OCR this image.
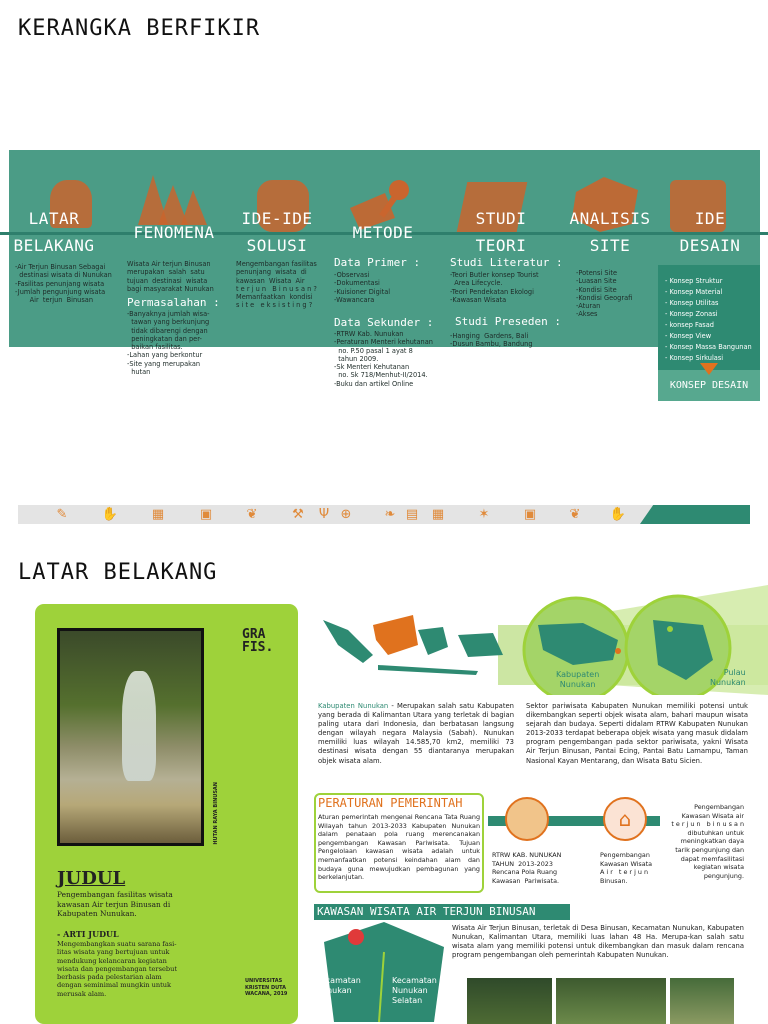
KERANGKA BERFIKIR
LATAR
BELAKANG
FENOMENA
IDE-IDE
SOLUSI
METODE
STUDI
TEORI
ANALISIS
SITE
IDE
DESAIN
-Air Terjun Binusan Sebagai
destinasi wisata di Nunukan
-Fasilitas penunjang wisata
-Jumlah pengunjung wisata
Air  terjun  Binusan
Wisata Air terjun Binusan
merupakan  salah  satu
tujuan  destinasi  wisata
bagi masyarakat Nunukan
Permasalahan :
-Banyaknya jumlah wisa-
tawan yang berkunjung
tidak dibarengi dengan
peningkatan dan per-
baikan fasilitas.
-Lahan yang berkontur
-Site yang merupakan
hutan
Mengembangan fasilitas
penunjang  wisata  di
kawasan  Wisata  Air
t e r j u n   B i n u s a n ?
Memanfaatkan  kondisi
s i t e   e k s i s t i n g ?
Data Primer :
-Observasi
-Dokumentasi
-Kuisioner Digital
-Wawancara
Data Sekunder :
-RTRW Kab. Nunukan
-Peraturan Menteri kehutanan
no. P.50 pasal 1 ayat 8
tahun 2009.
-Sk Menteri Kehutanan
no. Sk 718/Menhut-II/2014.
-Buku dan artikel Online
Studi Literatur :
-Teori Butler konsep Tourist
Area Lifecycle.
-Teori Pendekatan Ekologi
-Kawasan Wisata
Studi Preseden :
-Hanging  Gardens, Bali
-Dusun Bambu, Bandung
-Potensi Site
-Luasan Site
-Kondisi Site
-Kondisi Geografi
-Aturan
-Akses
- Konsep Struktur
- Konsep Material
- Konsep Utilitas
- Konsep Zonasi
- konsep Fasad
- Konsep View
- Konsep Massa Bangunan
- Konsep Sirkulasi
KONSEP DESAIN
✎	✋	▦	▣	❦	⚒	Ψ ⊕	❧ ▤	▦	✶	▣	❦	✋
LATAR BELAKANG
GRA
FIS.
HUTAN RAYA BINUSAN
JUDUL
Pengembangan fasilitas wisata kawasan Air terjun Binusan di Kabupaten Nunukan.
- ARTI JUDUL
Mengembangkan suatu sarana fasi-litas wisata yang bertujuan untuk mendukung kelancaran kegiatan wisata dan pengembangan tersebut berbasis pada pelestarian alam dengan seminimal mungkin untuk merusak alam.
UNIVERSITAS
KRISTEN DUTA
WACANA, 2019
Kabupaten
Nunukan
Pulau
Nunukan
Kabupaten Nunukan - Merupakan salah satu Kabupaten yang berada di Kalimantan Utara yang terletak di bagian paling utara dari Indonesia, dan berbatasan langsung dengan wilayah negara Malaysia (Sabah). Nunukan memiliki luas wilayah 14.585,70 km2, memiliki 73 destinasi wisata dengan 55 diantaranya merupakan objek wisata alam.
Sektor pariwisata Kabupaten Nunukan memiliki potensi untuk dikembangkan seperti objek wisata alam, bahari maupun wisata sejarah dan budaya. Seperti didalam RTRW Kabupaten Nunukan 2013-2033 terdapat beberapa objek wisata yang masuk didalam program pengembangan pada sektor pariwisata, yakni Wisata Air Terjun Binusan, Pantai Ecing, Pantai Batu Lamampu, Taman Nasional Kayan Mentarang, dan Wisata Batu Sicien.
PERATURAN PEMERINTAH
Aturan pemerintah mengenai Rencana Tata Ruang Wilayah tahun 2013-2033 Kabupaten Nunukan dalam penataan pola ruang merencanakan pengembangan Kawasan Pariwisata. Tujuan Pengelolaan kawasan wisata adalah untuk memanfaatkan potensi keindahan alam dan budaya guna mewujudkan pembagunan yang berkelanjutan.
⌂
RTRW KAB. NUNUKAN
TAHUN  2013-2023
Rencana Pola Ruang
Kawasan  Pariwisata.
Pengembangan
Kawasan Wisata
A i r   t e r j u n
Binusan.
Pengembangan
Kawasan Wisata air
t e r j u n   b i n u s a n
dibutuhkan untuk
meningkatkan daya
tarik pengunjung dan
dapat memfasilitasi
kegiatan wisata
pengunjung.
KAWASAN WISATA AIR TERJUN BINUSAN
Kecamatan
Nunukan
Kecamatan
Nunukan
Selatan
Wisata Air Terjun Binusan, terletak di Desa Binusan, Kecamatan Nunukan, Kabupaten Nunukan, Kalimantan Utara, memiliki luas lahan 48 Ha. Merupa-kan salah satu wisata alam yang memiliki potensi untuk dikembangkan dan masuk dalam rencana program pengembangan oleh pemerintah Kabupaten Nunukan.
